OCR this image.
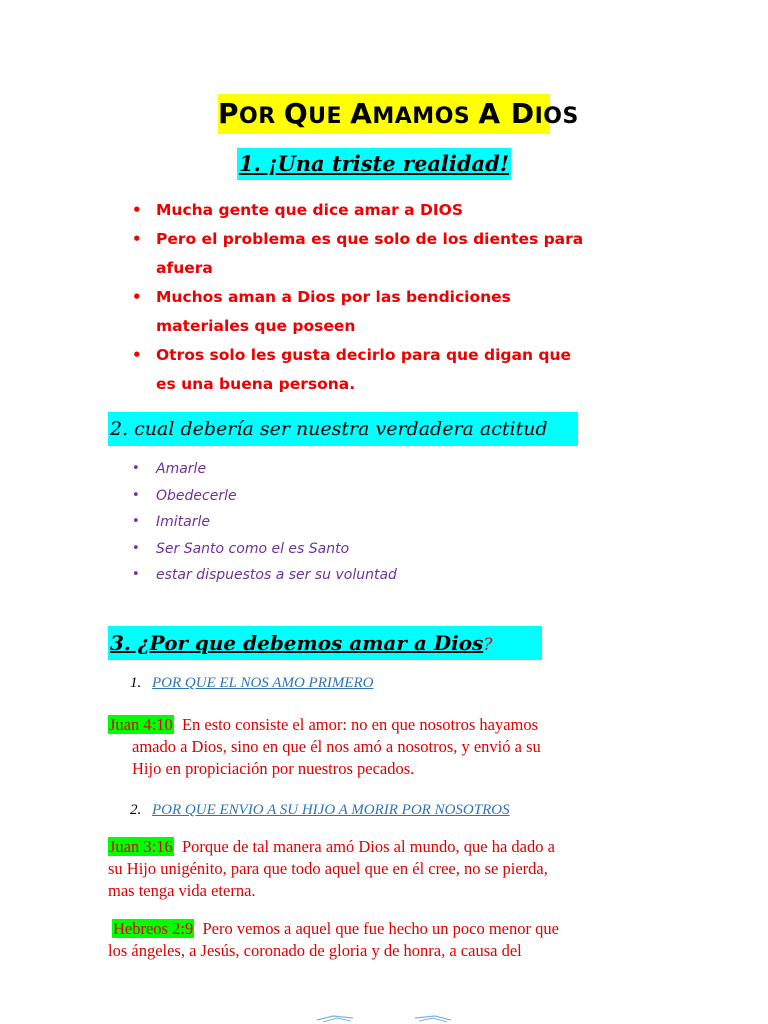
POR QUE AMAMOS A DIOS
1. ¡Una triste realidad!
• Mucha gente que dice amar a DIOS
• Pero el problema es que solo de los dientes para
afuera
• Muchos aman a Dios por las bendiciones
materiales que poseen
• Otros solo les gusta decirlo para que digan que
es una buena persona.
2. cual debería ser nuestra verdadera actitud
• Amarle
• Obedecerle
• Imitarle
• Ser Santo como el es Santo
• estar dispuestos a ser su voluntad
3. ¿Por que debemos amar a Dios?
1. POR QUE EL NOS AMO PRIMERO
Juan 4:10 En esto consiste el amor: no en que nosotros hayamos
amado a Dios, sino en que él nos amó a nosotros, y envió a su
Hijo en propiciación por nuestros pecados.
2. POR QUE ENVIO A SU HIJO A MORIR POR NOSOTROS
Juan 3:16 Porque de tal manera amó Dios al mundo, que ha dado a
su Hijo unigénito, para que todo aquel que en él cree, no se pierda,
mas tenga vida eterna.
Hebreos 2:9 Pero vemos a aquel que fue hecho un poco menor que
los ángeles, a Jesús, coronado de gloria y de honra, a causa del
